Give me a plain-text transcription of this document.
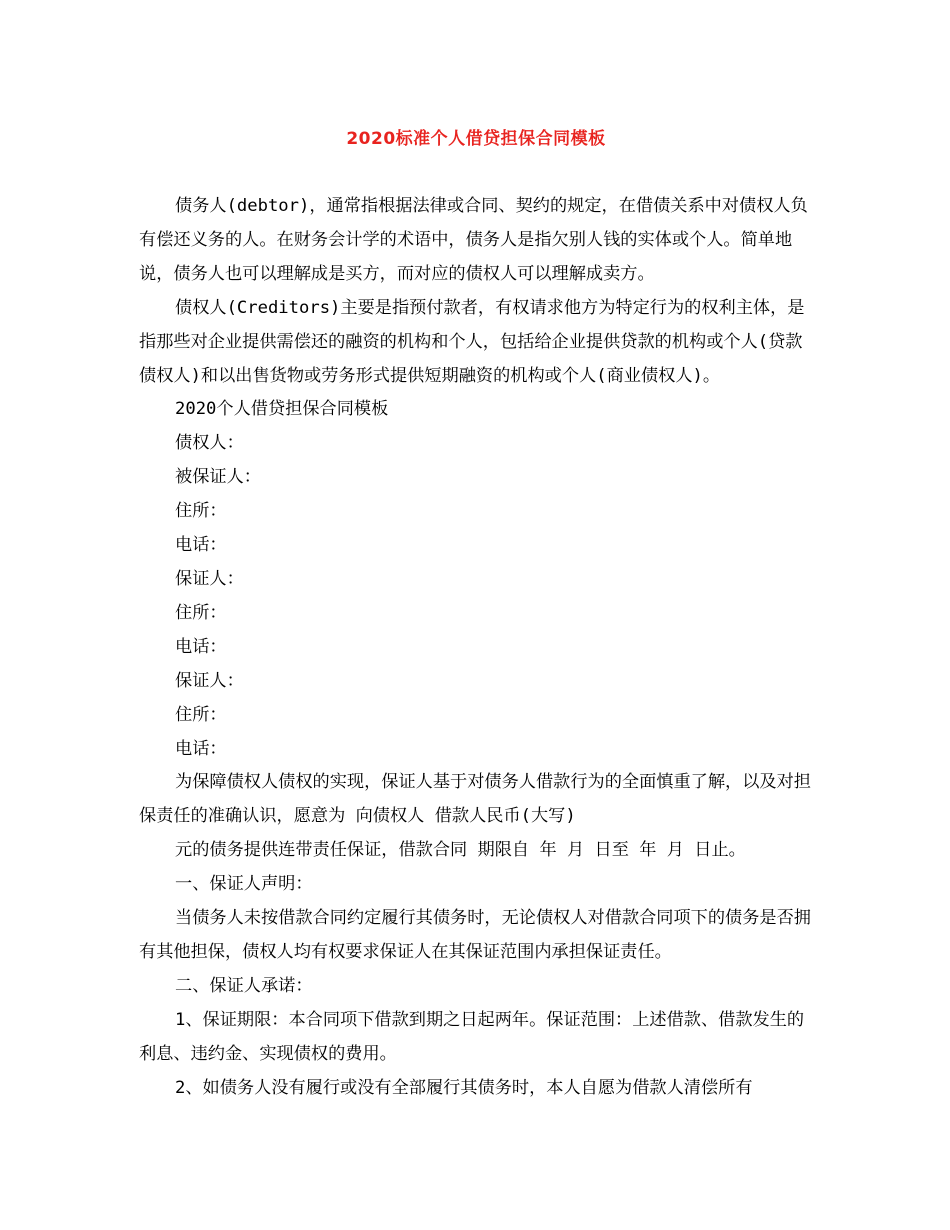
2020标准个人借贷担保合同模板

债务人(debtor)，通常指根据法律或合同、契约的规定，在借债关系中对债权人负有偿还义务的人。在财务会计学的术语中，债务人是指欠别人钱的实体或个人。简单地说，债务人也可以理解成是买方，而对应的债权人可以理解成卖方。

债权人(Creditors)主要是指预付款者，有权请求他方为特定行为的权利主体，是指那些对企业提供需偿还的融资的机构和个人，包括给企业提供贷款的机构或个人(贷款债权人)和以出售货物或劳务形式提供短期融资的机构或个人(商业债权人)。

2020个人借贷担保合同模板

债权人：

被保证人：

住所：

电话：

保证人：

住所：

电话：

保证人：

住所：

电话：

为保障债权人债权的实现，保证人基于对债务人借款行为的全面慎重了解，以及对担保责任的准确认识，愿意为 向债权人 借款人民币(大写)

元的债务提供连带责任保证，借款合同 期限自 年 月 日至 年 月 日止。

一、保证人声明：

当债务人未按借款合同约定履行其债务时，无论债权人对借款合同项下的债务是否拥有其他担保，债权人均有权要求保证人在其保证范围内承担保证责任。

二、保证人承诺：

1、保证期限：本合同项下借款到期之日起两年。保证范围：上述借款、借款发生的利息、违约金、实现债权的费用。

2、如债务人没有履行或没有全部履行其债务时，本人自愿为借款人清偿所有
